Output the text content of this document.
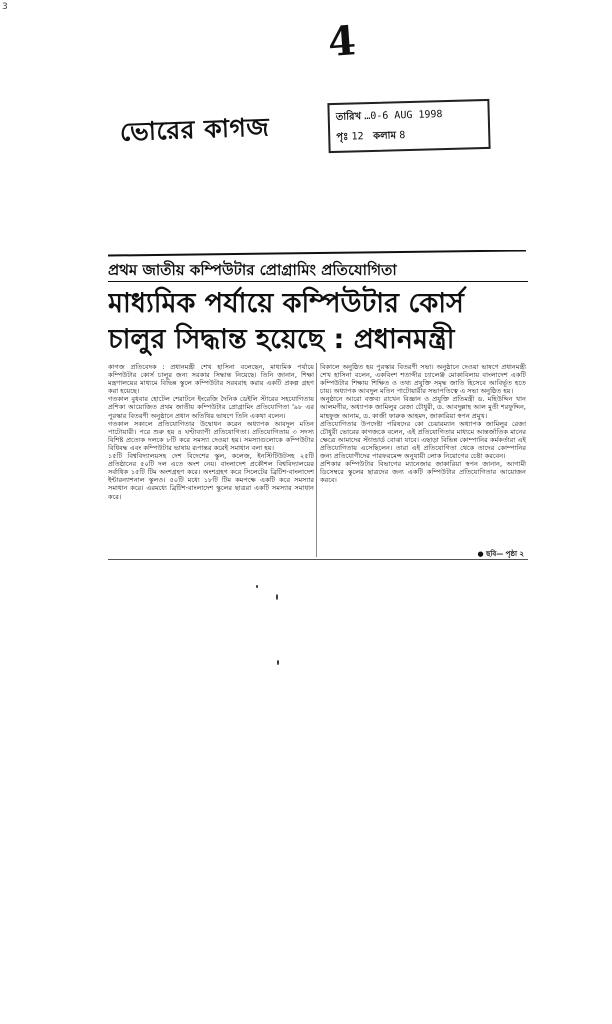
3
4
ভোরের কাগজ	তারিখ …0-6 AUG 1998
পৃঃ 12 কলাম 8
প্রথম জাতীয় কম্পিউটার প্রোগ্রামিং প্রতিযোগিতা
মাধ্যমিক পর্যায়ে কম্পিউটার কোর্স
চালুর সিদ্ধান্ত হয়েছে : প্রধানমন্ত্রী

কাগজ প্রতিবেদক : প্রধানমন্ত্রী শেখ হাসিনা বলেছেন, মাধ্যমিক পর্যায়ে কম্পিউটার কোর্স চালুর জন্য সরকার সিদ্ধান্ত নিয়েছে। তিনি জানান, শিক্ষা মন্ত্রণালয়ের মাধ্যমে বিভিন্ন স্কুলে কম্পিউটার সরবরাহ করার একটি প্রকল্প গ্রহণ করা হয়েছে।

গতকাল বুধবার হোটেল শেরাটনে ইংরেজি দৈনিক ডেইলি স্টারের সহযোগিতায় প্রশিকা আয়োজিত প্রথম জাতীয় কম্পিউটার প্রোগ্রামিং প্রতিযোগিতা '৯৮ এর পুরস্কার বিতরণী অনুষ্ঠানে প্রধান অতিথির ভাষণে তিনি একথা বলেন।

গতকাল সকালে প্রতিযোগিতার উদ্বোধন করেন অধ্যাপক আবদুল মতিন পাটোয়ারী। পরে শুরু হয় ৪ ঘণ্টাব্যাপী প্রতিযোগিতা। প্রতিযোগিতায় ৩ সদস্য বিশিষ্ট প্রত্যেক দলকে ৮টি করে সমস্যা দেওয়া হয়। সমস্যাগুলোকে কম্পিউটার বিধিবদ্ধ এবং কম্পিউটার ভাষায় রূপান্তর করেই সমাধান বলা হয়।

১৫টি বিশ্ববিদ্যালয়সহ দেশ বিদেশের স্কুল, কলেজ, ইনস্টিটিউটসহ ২৫টি প্রতিষ্ঠানের ৫০টি দল এতে অংশ নেয়। বাংলাদেশ প্রকৌশল বিশ্ববিদ্যালয়ের সর্বাধিক ১৫টি টিম অংশগ্রহণ করে। অংশগ্রহণ করে সিলেটের ব্রিটিশ-বাংলাদেশ ইন্টারন্যাশনাল স্কুলও। ৫০টি মধ্যে ১৮টি টিম কমপক্ষে একটি করে সমস্যার সমাধান করে। এরমধ্যে ব্রিটিশ-বাংলাদেশ স্কুলের ছাত্ররা একটি সমস্যার সমাধান করে।

বিকালে অনুষ্ঠিত হয় পুরস্কার বিতরণী সভা। অনুষ্ঠানে দেওয়া ভাষণে প্রধানমন্ত্রী শেখ হাসিনা বলেন, একবিংশ শতাব্দীর চ্যালেঞ্জ মোকাবিলায় বাংলাদেশ একটি কম্পিউটার শিক্ষায় শিক্ষিত ও তথ্য প্রযুক্তি সমৃদ্ধ জাতি হিসেবে আবির্ভূত হতে চায়। অধ্যাপক আবদুল মতিন পাটোয়ারীর সভাপতিত্বে এ সভা অনুষ্ঠিত হয়।

অনুষ্ঠানে আরো বক্তব্য রাখেন বিজ্ঞান ও প্রযুক্তি প্রতিমন্ত্রী ড. মহিউদ্দিন খান আলমগীর, অধ্যাপক জামিলুর রেজা চৌধুরী, ড. আবদুল্লাহ আল মুতী শরফুদ্দিন, মাহফুজ আনাম, ড. কাজী ফারুক আহমদ, জাকারিয়া স্বপন প্রমুখ।

প্রতিযোগিতার উপদেষ্টা পরিষদের কো চেয়ারম্যান অধ্যাপক জামিলুর রেজা চৌধুরী ভোরের কাগজকে বলেন, এই প্রতিযোগিতার মাধ্যমে আন্তর্জাতিক মানের ক্ষেত্রে আমাদের স্ট্যান্ডার্ড বোঝা যাবে। এছাড়া বিভিন্ন কোম্পানির কর্মকর্তারা এই প্রতিযোগিতায় এসেছিলেন। তারা এই প্রতিযোগিতা থেকে তাদের কোম্পানির জন্য প্রতিযোগীদের পারফরমেন্স অনুযায়ী লোক নিয়োগের চেষ্টা করবেন।

প্রশিকার কম্পিউটার বিভাগের ম্যানেজার জাকারিয়া স্বপন জানান, আগামী ডিসেম্বরে স্কুলের ছাত্রদের জন্য একটি কম্পিউটার প্রতিযোগিতার আয়োজন করবে।

● ছবি— পৃষ্ঠা ২
